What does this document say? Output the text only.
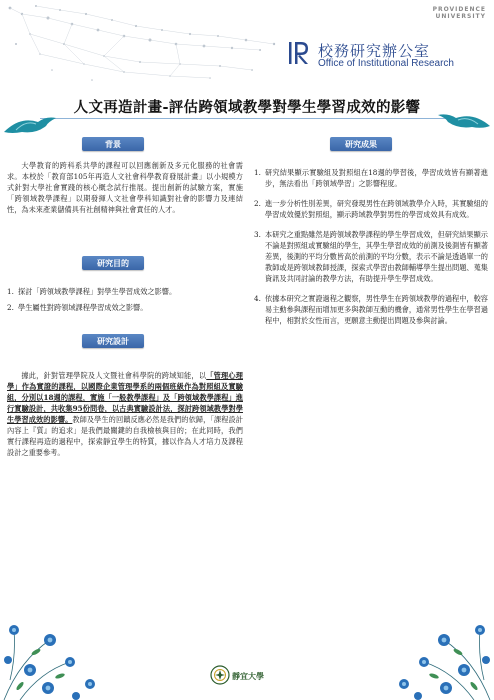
PROVIDENCE
UNIVERSITY
校務研究辦公室
Office of Institutional Research
人文再造計畫-評估跨領域教學對學生學習成效的影響
背景
大學教育的跨科系共學的課程可以回應創新及多元化服務的社會需求。本校於「教育部105年再造人文社會科學教育發展計畫」以小規模方式針對大學社會實踐的核心概念試行推展。提出創新的試驗方案，實施「跨領域教學課程」以期發揮人文社會學科知識對社會的影響力及連結性，為未來產業儲備具有社創精神與社會責任的人才。
研究目的
1. 探討「跨領域教學課程」對學生學習成效之影響。
2. 學生屬性對跨領域課程學習成效之影響。
研究設計
據此，針對管理學院及人文暨社會科學院的跨域知能，以「管理心理學」作為實證的課程，以國際企業管理學系的兩個班級作為對照組及實驗組，分別以18週的課程，實施「一般教學課程」及「跨領域教學課程」進行實驗設計，共收集95份問卷，以古典實驗設計法，探討跨領域教學對學生學習成效的影響。教師及學生的回饋反應必然是我們的依歸，「課程設計內容上『質』的追求」是我們最關鍵的自我檢核與目的；在此同時，我們實行課程再造的過程中，探索靜宜學生的特質，據以作為人才培力及課程設計之重要參考。
研究成果
1. 研究結果顯示實驗組及對照組在18週的學習後，學習成效皆有顯著進步，無法看出「跨領域學習」之影響程度。
2. 進一步分析性別差異，研究發現男性在跨領域教學介入時，其實驗組的學習成效優於對照組，顯示跨域教學對男性的學習成效具有成效。
3. 本研究之重點雖然是跨領域教學課程的學生學習成效，但研究結果顯示不論是對照組或實驗組的學生，其學生學習成效的前測及後測皆有顯著差異，後測的平均分數皆高於前測的平均分數，表示不論是透過單一的教師或是跨領域教師授課，探索式學習由教師輔導學生提出問題、蒐集資訊及共同討論的教學方法，有助提升學生學習成效。
4. 依據本研究之實證過程之觀察，男性學生在跨領域教學的過程中，較容易主動參與課程而增加更多與教師互動的機會，通常男性學生在學習過程中，相對於女性而言，更願意主動提出問題及參與討論。
靜宜大學
